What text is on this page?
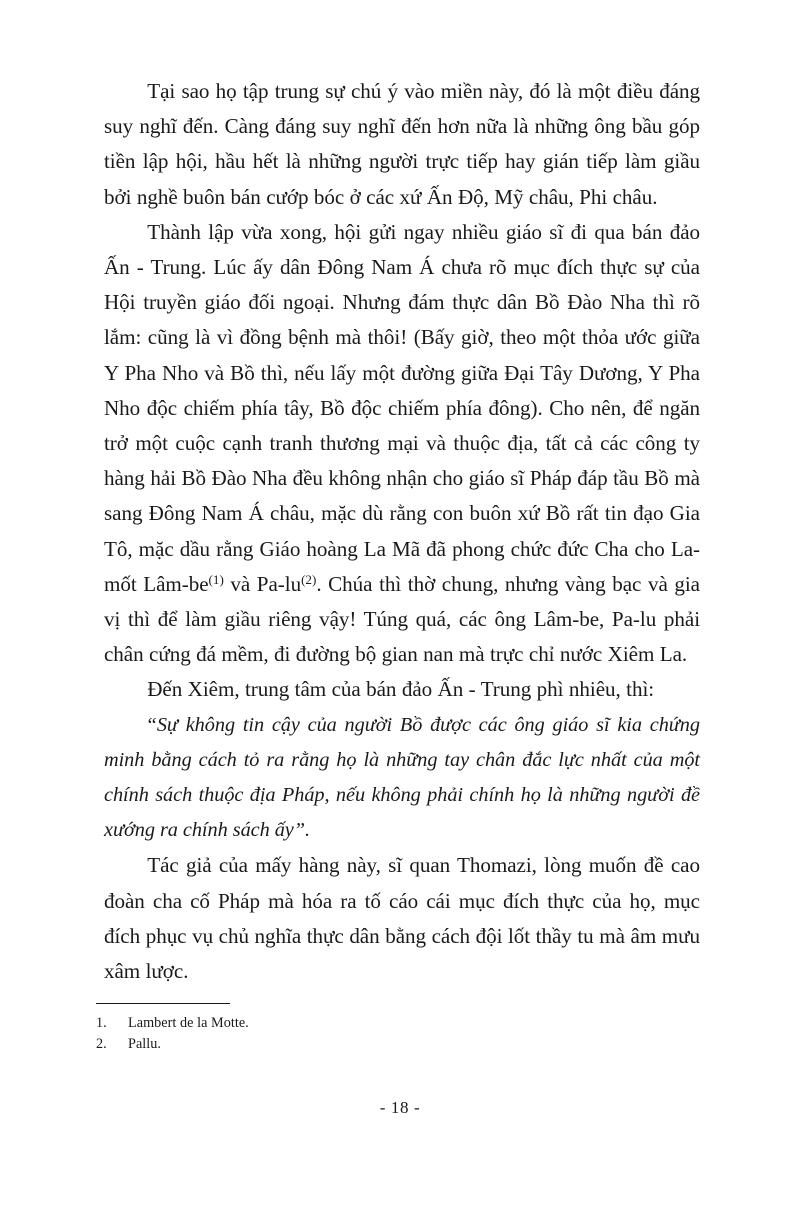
Tại sao họ tập trung sự chú ý vào miền này, đó là một điều đáng suy nghĩ đến. Càng đáng suy nghĩ đến hơn nữa là những ông bầu góp tiền lập hội, hầu hết là những người trực tiếp hay gián tiếp làm giầu bởi nghề buôn bán cướp bóc ở các xứ Ấn Độ, Mỹ châu, Phi châu.

Thành lập vừa xong, hội gửi ngay nhiều giáo sĩ đi qua bán đảo Ấn - Trung. Lúc ấy dân Đông Nam Á chưa rõ mục đích thực sự của Hội truyền giáo đối ngoại. Nhưng đám thực dân Bồ Đào Nha thì rõ lắm: cũng là vì đồng bệnh mà thôi! (Bấy giờ, theo một thỏa ước giữa Y Pha Nho và Bồ thì, nếu lấy một đường giữa Đại Tây Dương, Y Pha Nho độc chiếm phía tây, Bồ độc chiếm phía đông). Cho nên, để ngăn trở một cuộc cạnh tranh thương mại và thuộc địa, tất cả các công ty hàng hải Bồ Đào Nha đều không nhận cho giáo sĩ Pháp đáp tầu Bồ mà sang Đông Nam Á châu, mặc dù rằng con buôn xứ Bồ rất tin đạo Gia Tô, mặc dầu rằng Giáo hoàng La Mã đã phong chức đức Cha cho La-mốt Lâm-be$^{(1)}$ và Pa-lu$^{(2)}$. Chúa thì thờ chung, nhưng vàng bạc và gia vị thì để làm giầu riêng vậy! Túng quá, các ông Lâm-be, Pa-lu phải chân cứng đá mềm, đi đường bộ gian nan mà trực chỉ nước Xiêm La.

Đến Xiêm, trung tâm của bán đảo Ấn - Trung phì nhiêu, thì:

“Sự không tin cậy của người Bồ được các ông giáo sĩ kia chứng minh bằng cách tỏ ra rằng họ là những tay chân đắc lực nhất của một chính sách thuộc địa Pháp, nếu không phải chính họ là những người đề xướng ra chính sách ấy”.

Tác giả của mấy hàng này, sĩ quan Thomazi, lòng muốn đề cao đoàn cha cố Pháp mà hóa ra tố cáo cái mục đích thực của họ, mục đích phục vụ chủ nghĩa thực dân bằng cách đội lốt thầy tu mà âm mưu xâm lược.

1.	Lambert de la Motte.
2.	Pallu.
- 18 -
